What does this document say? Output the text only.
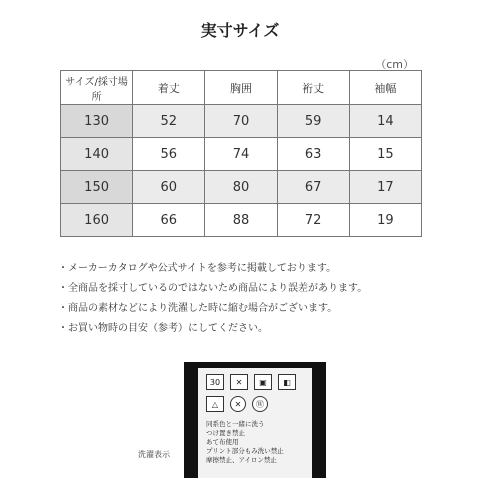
実寸サイズ
（cm）
サイズ/採寸場所	着丈	胸囲	裄丈	袖幅
130	52	70	59	14
140	56	74	63	15
150	60	80	67	17
160	66	88	72	19
・メーカーカタログや公式サイトを参考に掲載しております。
・全商品を採寸しているのではないため商品により誤差があります。
・商品の素材などにより洗濯した時に縮む場合がございます。
・お買い物時の目安（参考）にしてください。
30	✕	▣	◧
△	✕	Ⓦ
同系色と一緒に洗う
つけ置き禁止
あて布使用
プリント部分もみ洗い禁止
摩擦禁止、アイロン禁止
洗濯表示
